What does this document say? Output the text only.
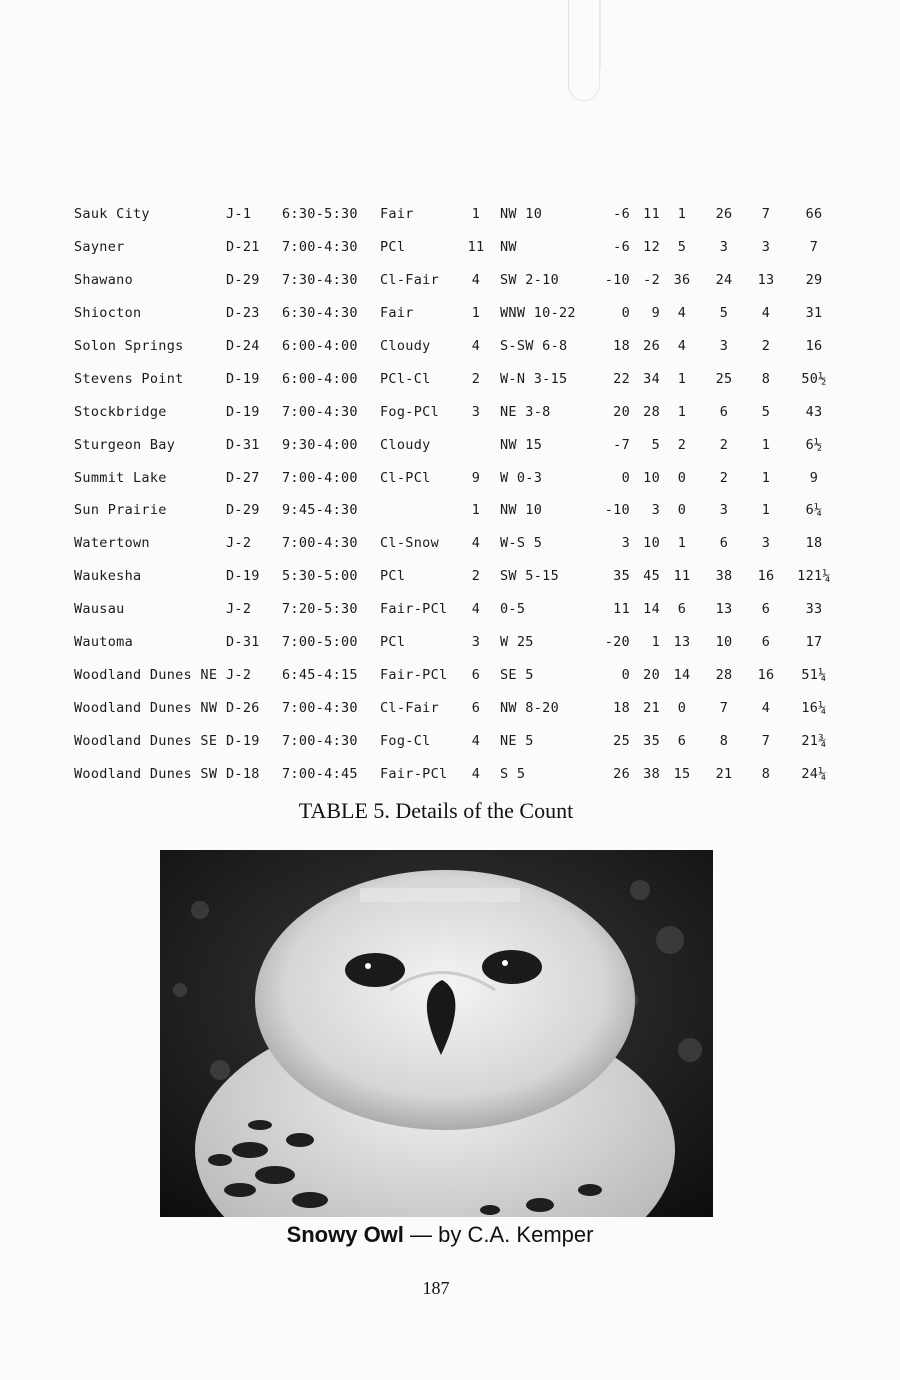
Sauk City	J-1	6:30-5:30	Fair	1	NW 10	-6	11	1	26	7	66
Sayner	D-21	7:00-4:30	PCl	11	NW	-6	12	5	3	3	7
Shawano	D-29	7:30-4:30	Cl-Fair	4	SW 2-10	-10	-2	36	24	13	29
Shiocton	D-23	6:30-4:30	Fair	1	WNW 10-22	0	9	4	5	4	31
Solon Springs	D-24	6:00-4:00	Cloudy	4	S-SW 6-8	18	26	4	3	2	16
Stevens Point	D-19	6:00-4:00	PCl-Cl	2	W-N 3-15	22	34	1	25	8	50½
Stockbridge	D-19	7:00-4:30	Fog-PCl	3	NE 3-8	20	28	1	6	5	43
Sturgeon Bay	D-31	9:30-4:00	Cloudy		NW 15	-7	5	2	2	1	6½
Summit Lake	D-27	7:00-4:00	Cl-PCl	9	W 0-3	0	10	0	2	1	9
Sun Prairie	D-29	9:45-4:30		1	NW 10	-10	3	0	3	1	6¼
Watertown	J-2	7:00-4:30	Cl-Snow	4	W-S 5	3	10	1	6	3	18
Waukesha	D-19	5:30-5:00	PCl	2	SW 5-15	35	45	11	38	16	121¼
Wausau	J-2	7:20-5:30	Fair-PCl	4	0-5	11	14	6	13	6	33
Wautoma	D-31	7:00-5:00	PCl	3	W 25	-20	1	13	10	6	17
Woodland Dunes NE	J-2	6:45-4:15	Fair-PCl	6	SE 5	0	20	14	28	16	51¼
Woodland Dunes NW	D-26	7:00-4:30	Cl-Fair	6	NW 8-20	18	21	0	7	4	16¼
Woodland Dunes SE	D-19	7:00-4:30	Fog-Cl	4	NE 5	25	35	6	8	7	21¾
Woodland Dunes SW	D-18	7:00-4:45	Fair-PCl	4	S 5	26	38	15	21	8	24¼
TABLE 5. Details of the Count
Snowy Owl — by C.A. Kemper
187
